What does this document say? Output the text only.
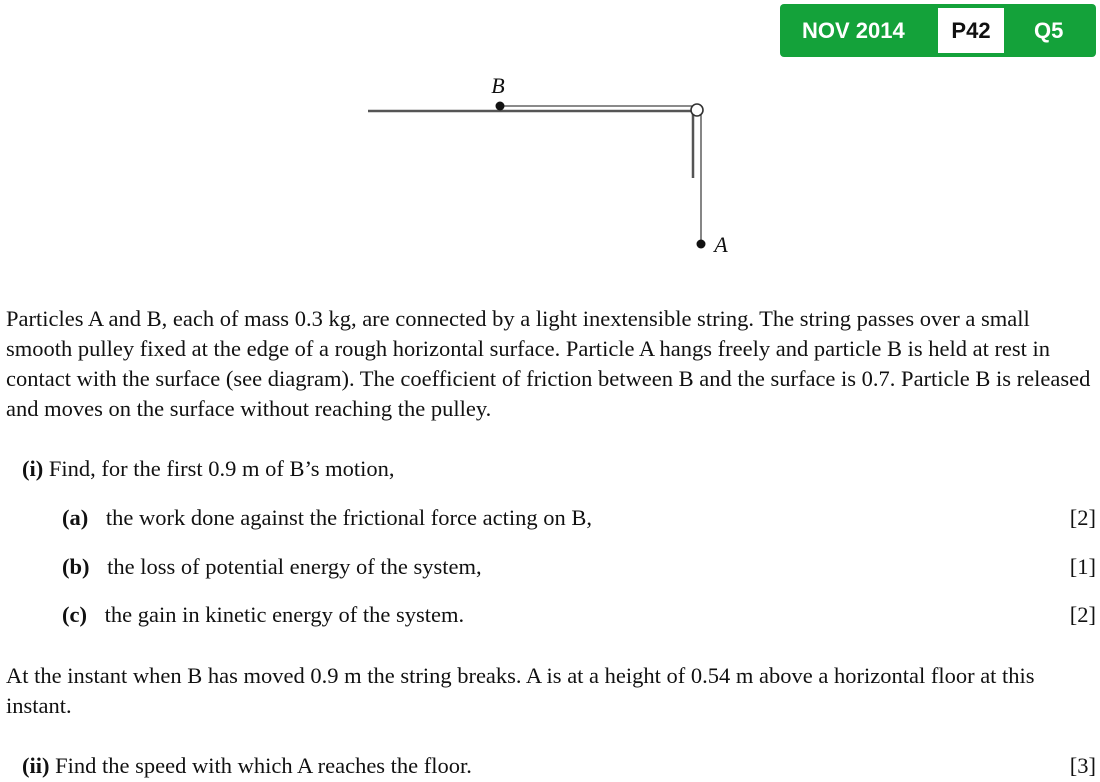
NOV 2014	P42	Q5
B
A

Particles A and B, each of mass 0.3 kg, are connected by a light inextensible string. The string passes over a small smooth pulley fixed at the edge of a rough horizontal surface. Particle A hangs freely and particle B is held at rest in contact with the surface (see diagram). The coefficient of friction between B and the surface is 0.7. Particle B is released and moves on the surface without reaching the pulley.

(i) Find, for the first 0.9 m of B’s motion,
(a) the work done against the frictional force acting on B,	[2]
(b) the loss of potential energy of the system,	[1]
(c) the gain in kinetic energy of the system.	[2]

At the instant when B has moved 0.9 m the string breaks. A is at a height of 0.54 m above a horizontal floor at this instant.

(ii) Find the speed with which A reaches the floor.	[3]
